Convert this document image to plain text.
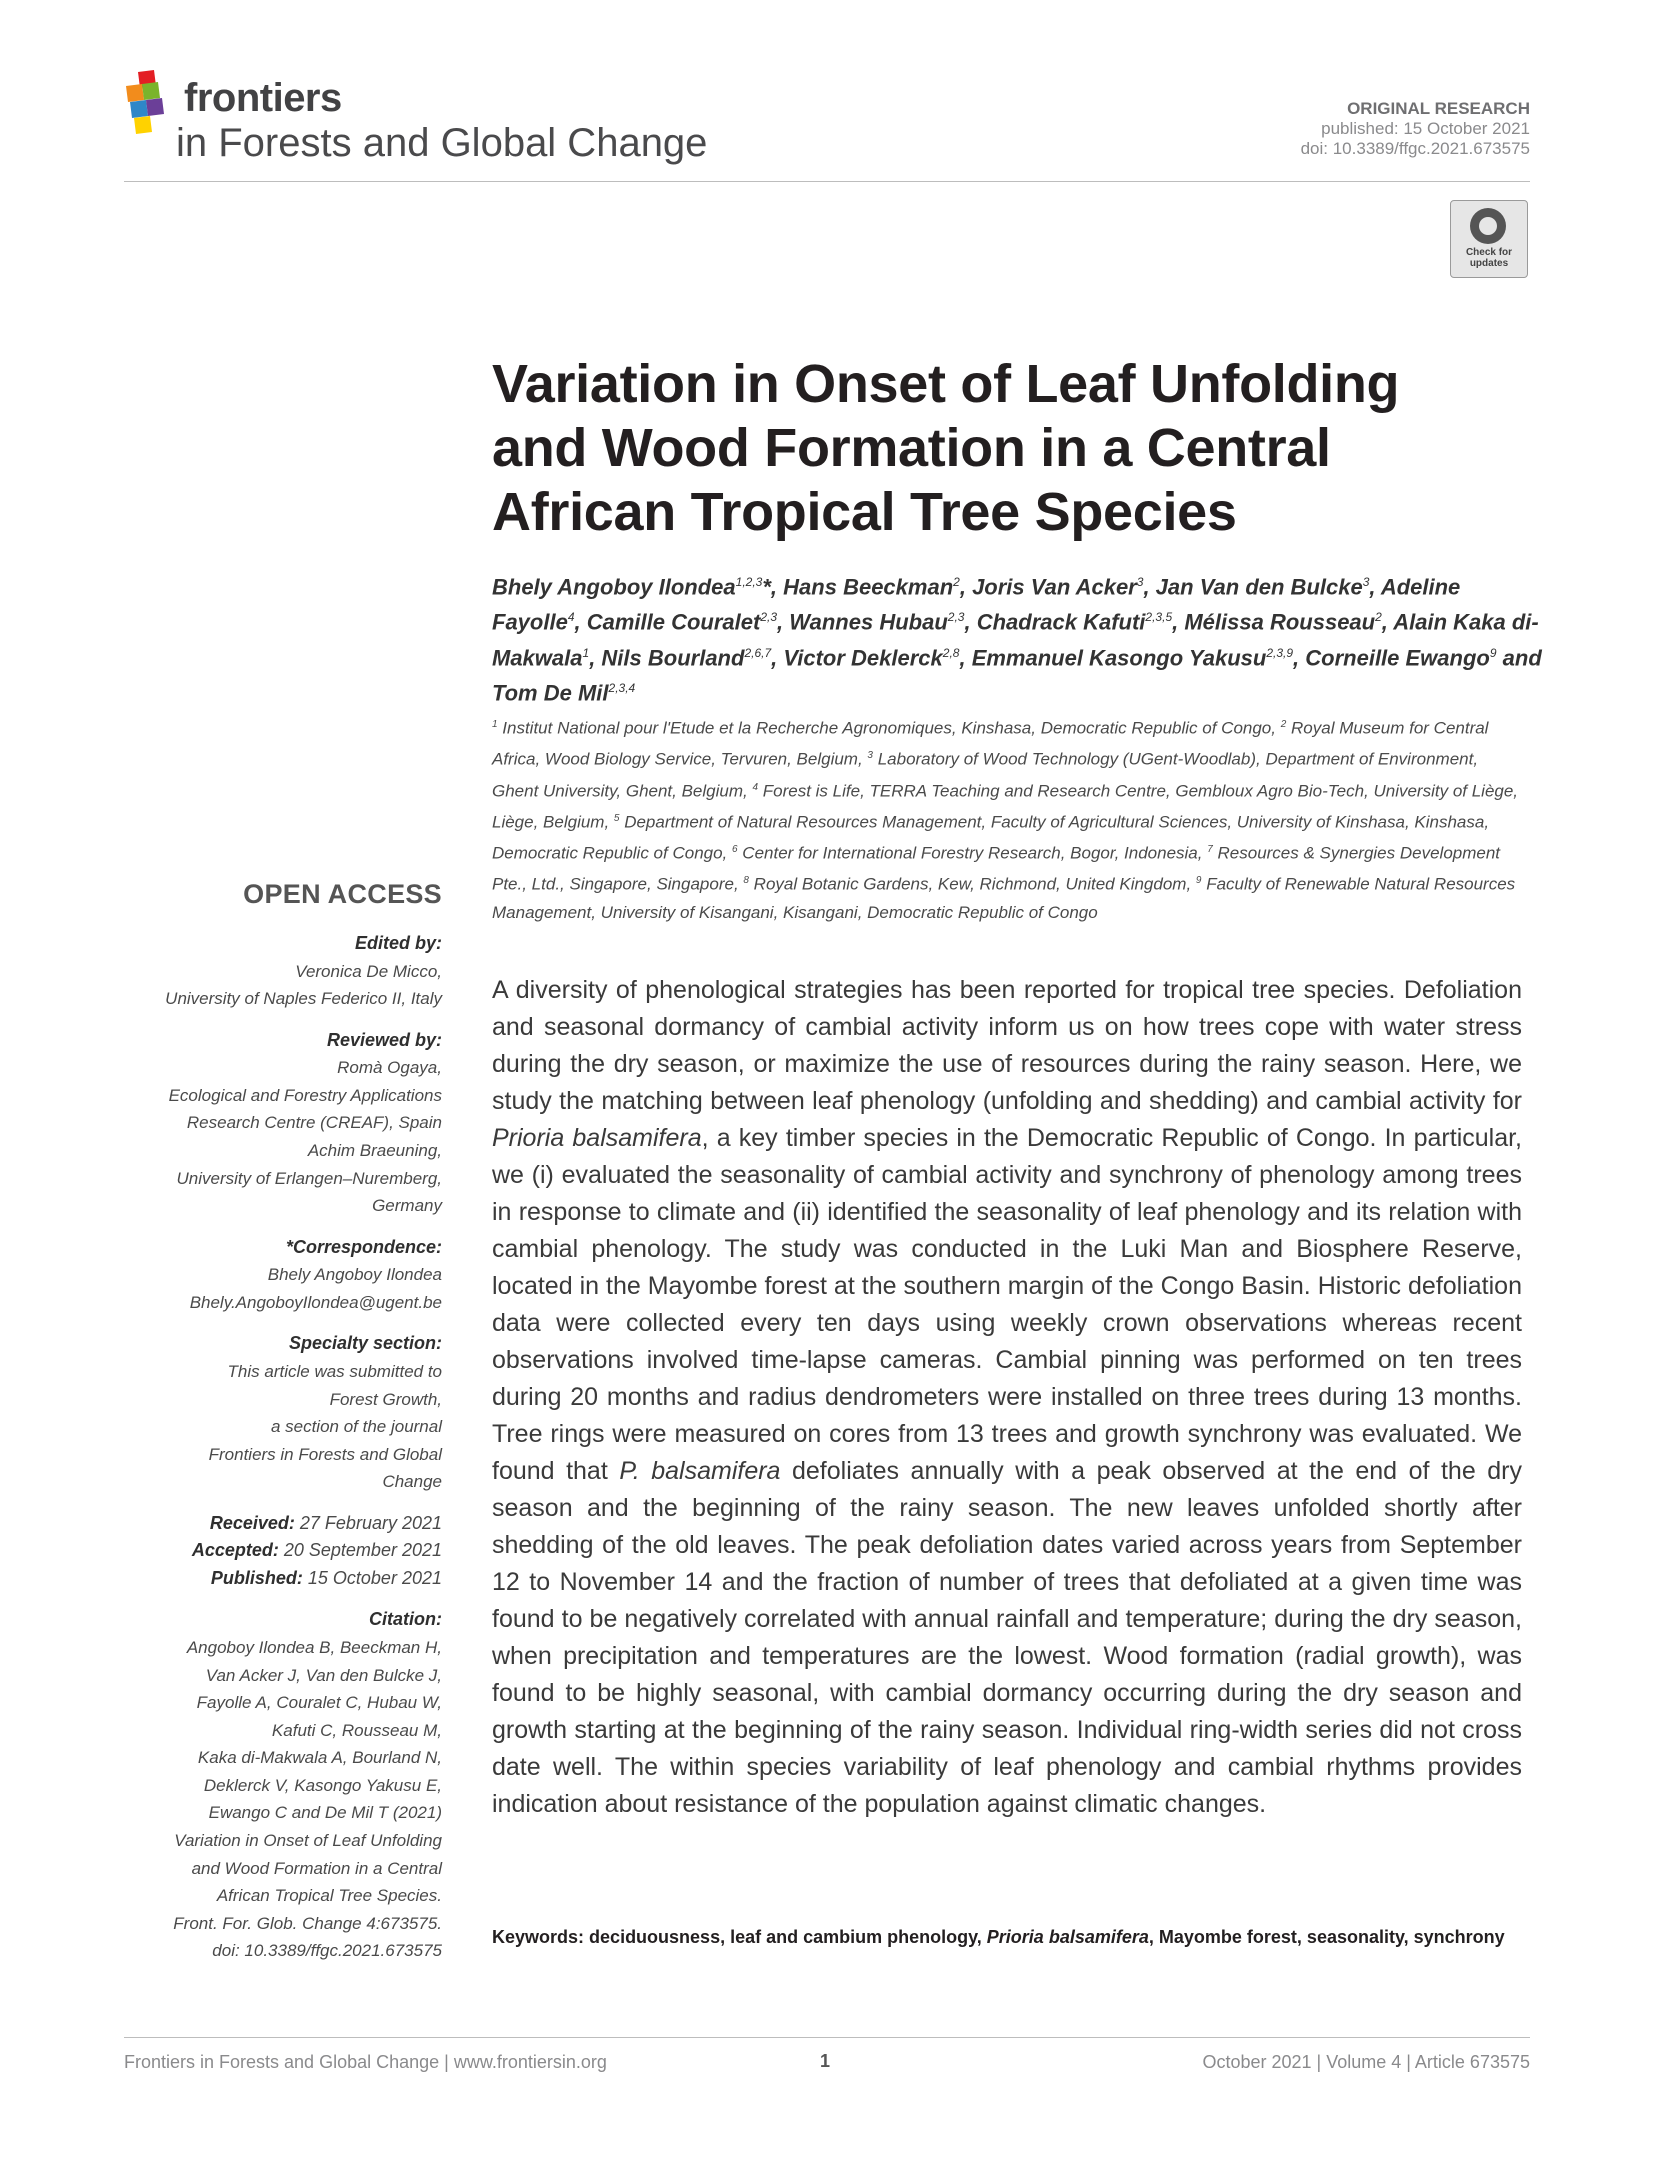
frontiers
in Forests and Global Change
ORIGINAL RESEARCH
published: 15 October 2021
doi: 10.3389/ffgc.2021.673575
Check for updates
Variation in Onset of Leaf Unfolding
and Wood Formation in a Central
African Tropical Tree Species
Bhely Angoboy Ilondea$^{1,2,3}$*, Hans Beeckman$^2$, Joris Van Acker$^3$, Jan Van den Bulcke$^3$, Adeline Fayolle$^4$, Camille Couralet$^{2,3}$, Wannes Hubau$^{2,3}$, Chadrack Kafuti$^{2,3,5}$, Mélissa Rousseau$^2$, Alain Kaka di-Makwala$^1$, Nils Bourland$^{2,6,7}$, Victor Deklerck$^{2,8}$, Emmanuel Kasongo Yakusu$^{2,3,9}$, Corneille Ewango$^9$ and Tom De Mil$^{2,3,4}$
$^1$ Institut National pour l'Etude et la Recherche Agronomiques, Kinshasa, Democratic Republic of Congo, $^2$ Royal Museum for Central Africa, Wood Biology Service, Tervuren, Belgium, $^3$ Laboratory of Wood Technology (UGent-Woodlab), Department of Environment, Ghent University, Ghent, Belgium, $^4$ Forest is Life, TERRA Teaching and Research Centre, Gembloux Agro Bio-Tech, University of Liège, Liège, Belgium, $^5$ Department of Natural Resources Management, Faculty of Agricultural Sciences, University of Kinshasa, Kinshasa, Democratic Republic of Congo, $^6$ Center for International Forestry Research, Bogor, Indonesia, $^7$ Resources & Synergies Development Pte., Ltd., Singapore, Singapore, $^8$ Royal Botanic Gardens, Kew, Richmond, United Kingdom, $^9$ Faculty of Renewable Natural Resources Management, University of Kisangani, Kisangani, Democratic Republic of Congo
OPEN ACCESS
Edited by:
Veronica De Micco,
University of Naples Federico II, Italy
Reviewed by:
Romà Ogaya,
Ecological and Forestry Applications
Research Centre (CREAF), Spain
Achim Braeuning,
University of Erlangen–Nuremberg,
Germany
*Correspondence:
Bhely Angoboy Ilondea
Bhely.AngoboyIlondea@ugent.be
Specialty section:
This article was submitted to
Forest Growth,
a section of the journal
Frontiers in Forests and Global
Change
Received: 27 February 2021
Accepted: 20 September 2021
Published: 15 October 2021
Citation:
Angoboy Ilondea B, Beeckman H,
Van Acker J, Van den Bulcke J,
Fayolle A, Couralet C, Hubau W,
Kafuti C, Rousseau M,
Kaka di-Makwala A, Bourland N,
Deklerck V, Kasongo Yakusu E,
Ewango C and De Mil T (2021)
Variation in Onset of Leaf Unfolding
and Wood Formation in a Central
African Tropical Tree Species.
Front. For. Glob. Change 4:673575.
doi: 10.3389/ffgc.2021.673575
A diversity of phenological strategies has been reported for tropical tree species. Defoliation and seasonal dormancy of cambial activity inform us on how trees cope with water stress during the dry season, or maximize the use of resources during the rainy season. Here, we study the matching between leaf phenology (unfolding and shedding) and cambial activity for Prioria balsamifera, a key timber species in the Democratic Republic of Congo. In particular, we (i) evaluated the seasonality of cambial activity and synchrony of phenology among trees in response to climate and (ii) identified the seasonality of leaf phenology and its relation with cambial phenology. The study was conducted in the Luki Man and Biosphere Reserve, located in the Mayombe forest at the southern margin of the Congo Basin. Historic defoliation data were collected every ten days using weekly crown observations whereas recent observations involved time-lapse cameras. Cambial pinning was performed on ten trees during 20 months and radius dendrometers were installed on three trees during 13 months. Tree rings were measured on cores from 13 trees and growth synchrony was evaluated. We found that P. balsamifera defoliates annually with a peak observed at the end of the dry season and the beginning of the rainy season. The new leaves unfolded shortly after shedding of the old leaves. The peak defoliation dates varied across years from September 12 to November 14 and the fraction of number of trees that defoliated at a given time was found to be negatively correlated with annual rainfall and temperature; during the dry season, when precipitation and temperatures are the lowest. Wood formation (radial growth), was found to be highly seasonal, with cambial dormancy occurring during the dry season and growth starting at the beginning of the rainy season. Individual ring-width series did not cross date well. The within species variability of leaf phenology and cambial rhythms provides indication about resistance of the population against climatic changes.
Keywords: deciduousness, leaf and cambium phenology, Prioria balsamifera, Mayombe forest, seasonality, synchrony
Frontiers in Forests and Global Change | www.frontiersin.org	1	October 2021 | Volume 4 | Article 673575
